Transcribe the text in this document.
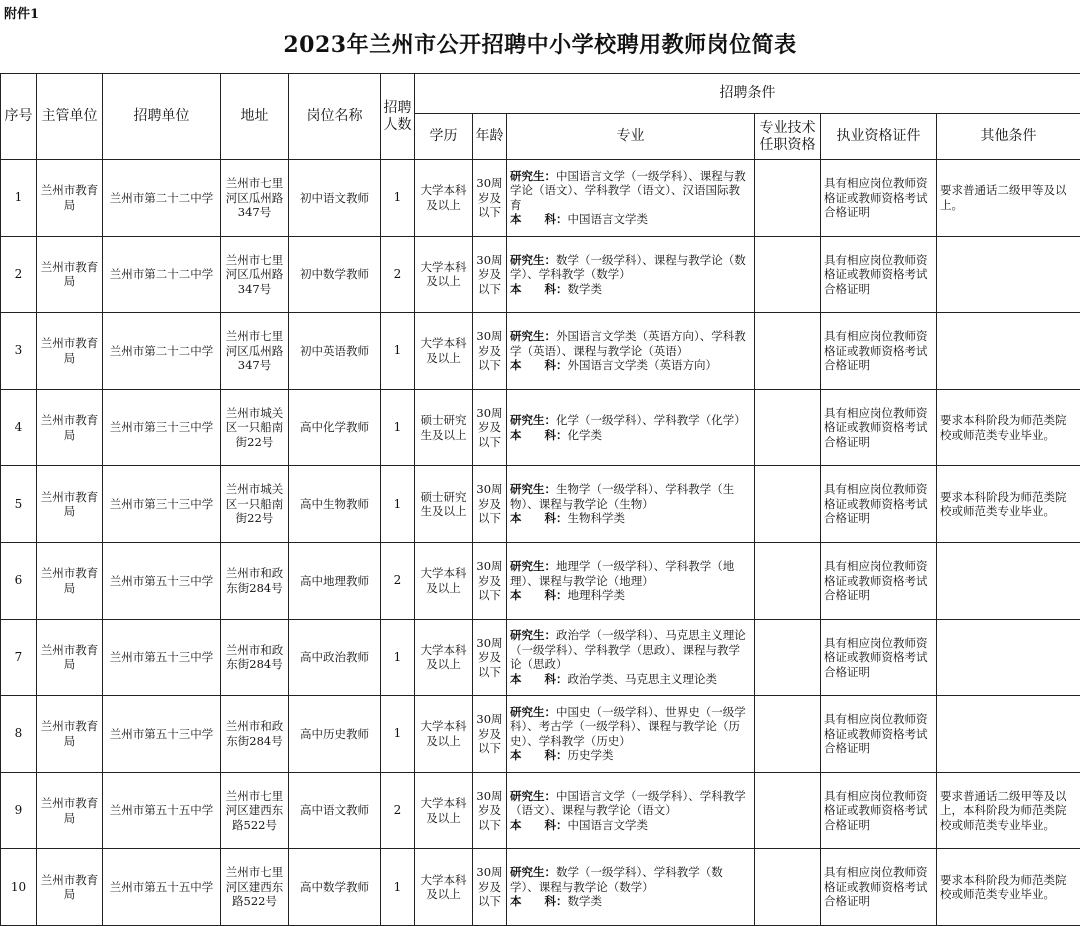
附件1
2023年兰州市公开招聘中小学校聘用教师岗位简表
序号	主管单位	招聘单位	地址	岗位名称	招聘人数	招聘条件					
						学历	年龄	专业	专业技术任职资格	执业资格证件	其他条件
1	兰州市教育局	兰州市第二十二中学	兰州市七里河区瓜州路347号	初中语文教师	1	大学本科及以上	30周岁及以下	研究生：中国语言文学（一级学科）、课程与教学论（语文）、学科教学（语文）、汉语国际教育
本　　科：中国语言文学类		具有相应岗位教师资格证或教师资格考试合格证明	要求普通话二级甲等及以上。
2	兰州市教育局	兰州市第二十二中学	兰州市七里河区瓜州路347号	初中数学教师	2	大学本科及以上	30周岁及以下	研究生：数学（一级学科）、课程与教学论（数学）、学科教学（数学）
本　　科：数学类		具有相应岗位教师资格证或教师资格考试合格证明	
3	兰州市教育局	兰州市第二十二中学	兰州市七里河区瓜州路347号	初中英语教师	1	大学本科及以上	30周岁及以下	研究生：外国语言文学类（英语方向）、学科教学（英语）、课程与教学论（英语）
本　　科：外国语言文学类（英语方向）		具有相应岗位教师资格证或教师资格考试合格证明	
4	兰州市教育局	兰州市第三十三中学	兰州市城关区一只船南街22号	高中化学教师	1	硕士研究生及以上	30周岁及以下	研究生：化学（一级学科）、学科教学（化学）
本　　科：化学类		具有相应岗位教师资格证或教师资格考试合格证明	要求本科阶段为师范类院校或师范类专业毕业。
5	兰州市教育局	兰州市第三十三中学	兰州市城关区一只船南街22号	高中生物教师	1	硕士研究生及以上	30周岁及以下	研究生：生物学（一级学科）、学科教学（生物）、课程与教学论（生物）
本　　科：生物科学类		具有相应岗位教师资格证或教师资格考试合格证明	要求本科阶段为师范类院校或师范类专业毕业。
6	兰州市教育局	兰州市第五十三中学	兰州市和政东街284号	高中地理教师	2	大学本科及以上	30周岁及以下	研究生：地理学（一级学科）、学科教学（地理）、课程与教学论（地理）
本　　科：地理科学类		具有相应岗位教师资格证或教师资格考试合格证明	
7	兰州市教育局	兰州市第五十三中学	兰州市和政东街284号	高中政治教师	1	大学本科及以上	30周岁及以下	研究生：政治学（一级学科）、马克思主义理论（一级学科）、学科教学（思政）、课程与教学论（思政）
本　　科：政治学类、马克思主义理论类		具有相应岗位教师资格证或教师资格考试合格证明	
8	兰州市教育局	兰州市第五十三中学	兰州市和政东街284号	高中历史教师	1	大学本科及以上	30周岁及以下	研究生：中国史（一级学科）、世界史（一级学科）、考古学（一级学科）、课程与教学论（历史）、学科教学（历史）
本　　科：历史学类		具有相应岗位教师资格证或教师资格考试合格证明	
9	兰州市教育局	兰州市第五十五中学	兰州市七里河区建西东路522号	高中语文教师	2	大学本科及以上	30周岁及以下	研究生：中国语言文学（一级学科）、学科教学（语文）、课程与教学论（语文）
本　　科：中国语言文学类		具有相应岗位教师资格证或教师资格考试合格证明	要求普通话二级甲等及以上，本科阶段为师范类院校或师范类专业毕业。
10	兰州市教育局	兰州市第五十五中学	兰州市七里河区建西东路522号	高中数学教师	1	大学本科及以上	30周岁及以下	研究生：数学（一级学科）、学科教学（数学）、课程与教学论（数学）
本　　科：数学类		具有相应岗位教师资格证或教师资格考试合格证明	要求本科阶段为师范类院校或师范类专业毕业。
